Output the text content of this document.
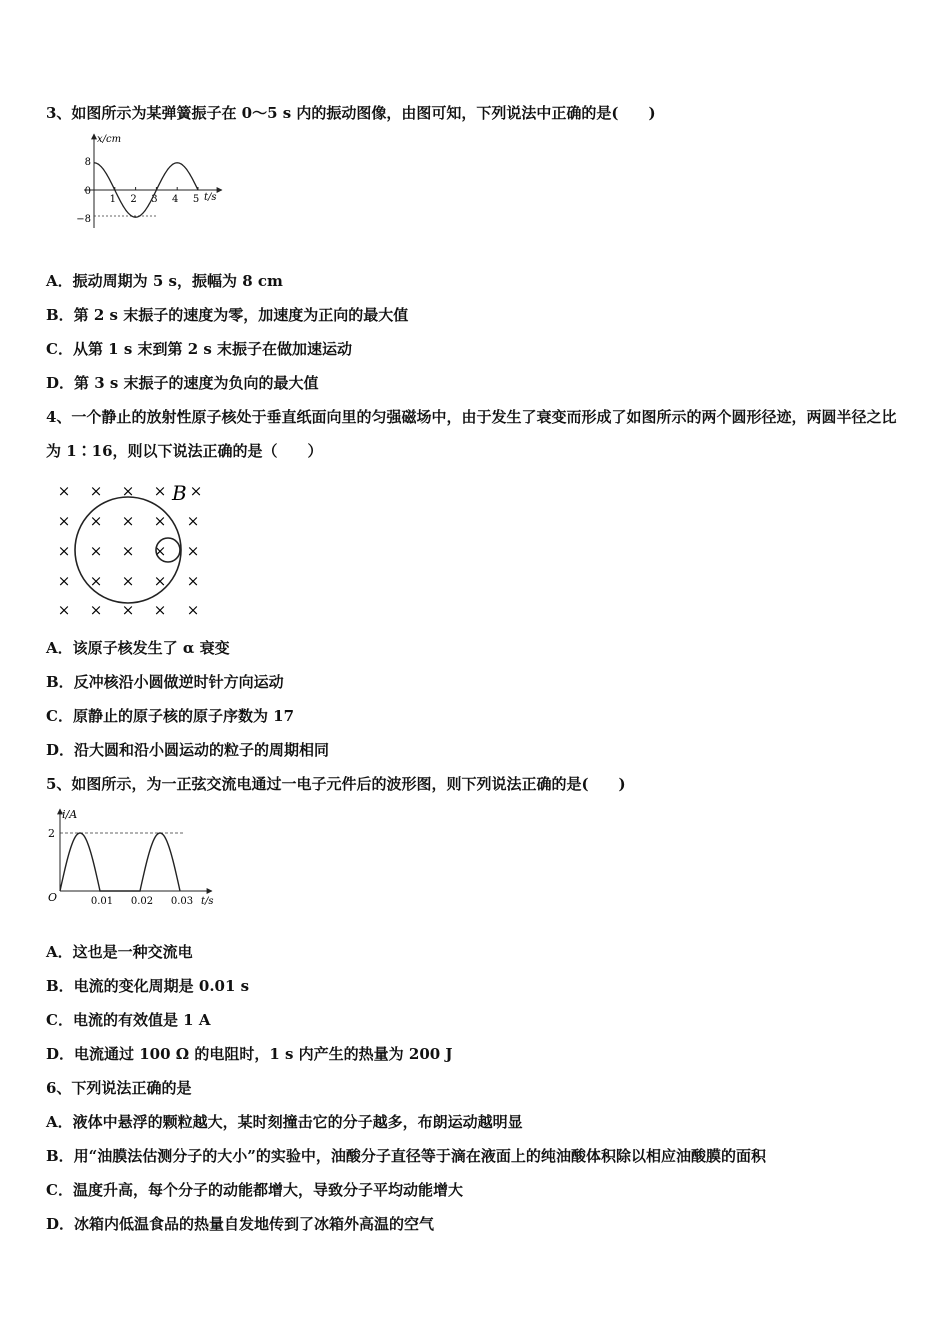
3、如图所示为某弹簧振子在 0～5 s 内的振动图像，由图可知，下列说法中正确的是(　　)
x/cm
t/s
8
0
−8
1 2 3 4 5
A．振动周期为 5 s，振幅为 8 cm
B．第 2 s 末振子的速度为零，加速度为正向的最大值
C．从第 1 s 末到第 2 s 末振子在做加速运动
D．第 3 s 末振子的速度为负向的最大值
4、一个静止的放射性原子核处于垂直纸面向里的匀强磁场中，由于发生了衰变而形成了如图所示的两个圆形径迹，两圆半径之比为 1∶16，则以下说法正确的是（　　）
× × × ×
× × × × ×
× × × × ×
× × × × ×
× × × × ×
×
B
A．该原子核发生了 α 衰变
B．反冲核沿小圆做逆时针方向运动
C．原静止的原子核的原子序数为 17
D．沿大圆和沿小圆运动的粒子的周期相同
5、如图所示，为一正弦交流电通过一电子元件后的波形图，则下列说法正确的是(　　)
i/A
t/s
O
2
0.01 0.02 0.03
A．这也是一种交流电
B．电流的变化周期是 0.01 s
C．电流的有效值是 1 A
D．电流通过 100 Ω 的电阻时，1 s 内产生的热量为 200 J
6、下列说法正确的是
A．液体中悬浮的颗粒越大，某时刻撞击它的分子越多，布朗运动越明显
B．用“油膜法估测分子的大小”的实验中，油酸分子直径等于滴在液面上的纯油酸体积除以相应油酸膜的面积
C．温度升高，每个分子的动能都增大，导致分子平均动能增大
D．冰箱内低温食品的热量自发地传到了冰箱外高温的空气
